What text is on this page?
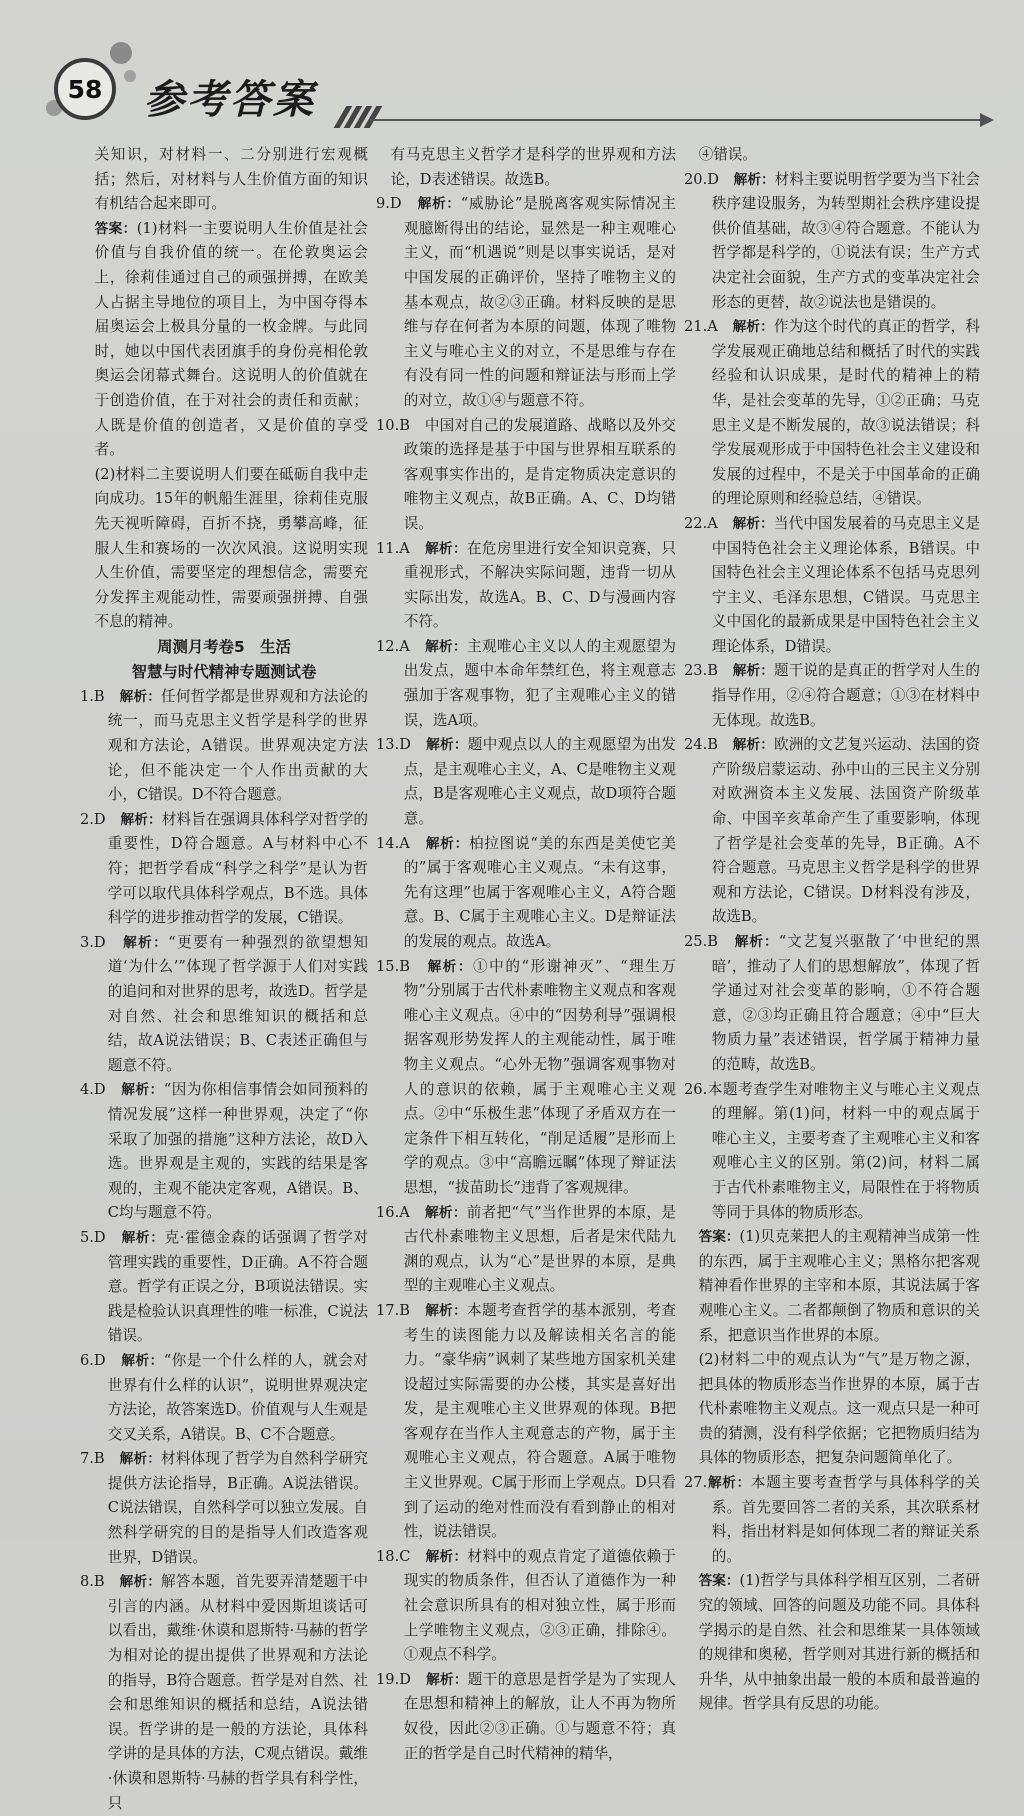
58	参考答案

关知识，对材料一、二分别进行宏观概括；然后，对材料与人生价值方面的知识有机结合起来即可。

答案：(1)材料一主要说明人生价值是社会价值与自我价值的统一。在伦敦奥运会上，徐莉佳通过自己的顽强拼搏，在欧美人占据主导地位的项目上，为中国夺得本届奥运会上极具分量的一枚金牌。与此同时，她以中国代表团旗手的身份亮相伦敦奥运会闭幕式舞台。这说明人的价值就在于创造价值，在于对社会的责任和贡献；人既是价值的创造者，又是价值的享受者。

(2)材料二主要说明人们要在砥砺自我中走向成功。15年的帆船生涯里，徐莉佳克服先天视听障碍，百折不挠，勇攀高峰，征服人生和赛场的一次次风浪。这说明实现人生价值，需要坚定的理想信念，需要充分发挥主观能动性，需要顽强拼搏、自强不息的精神。

周测月考卷5　生活

智慧与时代精神专题测试卷

1.B　解析：任何哲学都是世界观和方法论的统一，而马克思主义哲学是科学的世界观和方法论，A错误。世界观决定方法论，但不能决定一个人作出贡献的大小，C错误。D不符合题意。

2.D　解析：材料旨在强调具体科学对哲学的重要性，D符合题意。A与材料中心不符；把哲学看成“科学之科学”是认为哲学可以取代具体科学观点，B不选。具体科学的进步推动哲学的发展，C错误。

3.D　解析：“更要有一种强烈的欲望想知道‘为什么’”体现了哲学源于人们对实践的追问和对世界的思考，故选D。哲学是对自然、社会和思维知识的概括和总结，故A说法错误；B、C表述正确但与题意不符。

4.D　解析：“因为你相信事情会如同预料的情况发展”这样一种世界观，决定了“你采取了加强的措施”这种方法论，故D入选。世界观是主观的，实践的结果是客观的，主观不能决定客观，A错误。B、C均与题意不符。

5.D　解析：克·霍德金森的话强调了哲学对管理实践的重要性，D正确。A不符合题意。哲学有正误之分，B项说法错误。实践是检验认识真理性的唯一标准，C说法错误。

6.D　解析：“你是一个什么样的人，就会对世界有什么样的认识”，说明世界观决定方法论，故答案选D。价值观与人生观是交叉关系，A错误。B、C不合题意。

7.B　解析：材料体现了哲学为自然科学研究提供方法论指导，B正确。A说法错误。C说法错误，自然科学可以独立发展。自然科学研究的目的是指导人们改造客观世界，D错误。

8.B　解析：解答本题，首先要弄清楚题干中引言的内涵。从材料中爱因斯坦谈话可以看出，戴维·休谟和恩斯特·马赫的哲学为相对论的提出提供了世界观和方法论的指导，B符合题意。哲学是对自然、社会和思维知识的概括和总结，A说法错误。哲学讲的是一般的方法论，具体科学讲的是具体的方法，C观点错误。戴维·休谟和恩斯特·马赫的哲学具有科学性，只

有马克思主义哲学才是科学的世界观和方法论，D表述错误。故选B。

9.D　解析：“威胁论”是脱离客观实际情况主观臆断得出的结论，显然是一种主观唯心主义，而“机遇说”则是以事实说话，是对中国发展的正确评价，坚持了唯物主义的基本观点，故②③正确。材料反映的是思维与存在何者为本原的问题，体现了唯物主义与唯心主义的对立，不是思维与存在有没有同一性的问题和辩证法与形而上学的对立，故①④与题意不符。

10.B　中国对自己的发展道路、战略以及外交政策的选择是基于中国与世界相互联系的客观事实作出的，是肯定物质决定意识的唯物主义观点，故B正确。A、C、D均错误。

11.A　解析：在危房里进行安全知识竞赛，只重视形式，不解决实际问题，违背一切从实际出发，故选A。B、C、D与漫画内容不符。

12.A　解析：主观唯心主义以人的主观愿望为出发点，题中本命年禁红色，将主观意志强加于客观事物，犯了主观唯心主义的错误，选A项。

13.D　解析：题中观点以人的主观愿望为出发点，是主观唯心主义，A、C是唯物主义观点，B是客观唯心主义观点，故D项符合题意。

14.A　解析：柏拉图说“美的东西是美使它美的”属于客观唯心主义观点。“未有这事，先有这理”也属于客观唯心主义，A符合题意。B、C属于主观唯心主义。D是辩证法的发展的观点。故选A。

15.B　解析：①中的“形谢神灭”、“理生万物”分别属于古代朴素唯物主义观点和客观唯心主义观点。④中的“因势利导”强调根据客观形势发挥人的主观能动性，属于唯物主义观点。“心外无物”强调客观事物对人的意识的依赖，属于主观唯心主义观点。②中“乐极生悲”体现了矛盾双方在一定条件下相互转化，“削足适履”是形而上学的观点。③中“高瞻远瞩”体现了辩证法思想，“拔苗助长”违背了客观规律。

16.A　解析：前者把“气”当作世界的本原，是古代朴素唯物主义思想，后者是宋代陆九渊的观点，认为“心”是世界的本原，是典型的主观唯心主义观点。

17.B　解析：本题考查哲学的基本派别，考查考生的读图能力以及解读相关名言的能力。“豪华病”讽刺了某些地方国家机关建设超过实际需要的办公楼，其实是喜好出发，是主观唯心主义世界观的体现。B把客观存在当作人主观意志的产物，属于主观唯心主义观点，符合题意。A属于唯物主义世界观。C属于形而上学观点。D只看到了运动的绝对性而没有看到静止的相对性，说法错误。

18.C　解析：材料中的观点肯定了道德依赖于现实的物质条件，但否认了道德作为一种社会意识所具有的相对独立性，属于形而上学唯物主义观点，②③正确，排除④。①观点不科学。

19.D　解析：题干的意思是哲学是为了实现人在思想和精神上的解放，让人不再为物所奴役，因此②③正确。①与题意不符；真正的哲学是自己时代精神的精华，

④错误。

20.D　解析：材料主要说明哲学要为当下社会秩序建设服务，为转型期社会秩序建设提供价值基础，故③④符合题意。不能认为哲学都是科学的，①说法有误；生产方式决定社会面貌，生产方式的变革决定社会形态的更替，故②说法也是错误的。

21.A　解析：作为这个时代的真正的哲学，科学发展观正确地总结和概括了时代的实践经验和认识成果，是时代的精神上的精华，是社会变革的先导，①②正确；马克思主义是不断发展的，故③说法错误；科学发展观形成于中国特色社会主义建设和发展的过程中，不是关于中国革命的正确的理论原则和经验总结，④错误。

22.A　解析：当代中国发展着的马克思主义是中国特色社会主义理论体系，B错误。中国特色社会主义理论体系不包括马克思列宁主义、毛泽东思想，C错误。马克思主义中国化的最新成果是中国特色社会主义理论体系，D错误。

23.B　解析：题干说的是真正的哲学对人生的指导作用，②④符合题意；①③在材料中无体现。故选B。

24.B　解析：欧洲的文艺复兴运动、法国的资产阶级启蒙运动、孙中山的三民主义分别对欧洲资本主义发展、法国资产阶级革命、中国辛亥革命产生了重要影响，体现了哲学是社会变革的先导，B正确。A不符合题意。马克思主义哲学是科学的世界观和方法论，C错误。D材料没有涉及，故选B。

25.B　解析：“文艺复兴驱散了‘中世纪的黑暗’，推动了人们的思想解放”，体现了哲学通过对社会变革的影响，①不符合题意，②③均正确且符合题意；④中“巨大物质力量”表述错误，哲学属于精神力量的范畴，故选B。

26.本题考查学生对唯物主义与唯心主义观点的理解。第(1)问，材料一中的观点属于唯心主义，主要考查了主观唯心主义和客观唯心主义的区别。第(2)问，材料二属于古代朴素唯物主义，局限性在于将物质等同于具体的物质形态。

答案：(1)贝克莱把人的主观精神当成第一性的东西，属于主观唯心主义；黑格尔把客观精神看作世界的主宰和本原，其说法属于客观唯心主义。二者都颠倒了物质和意识的关系，把意识当作世界的本原。

(2)材料二中的观点认为“气”是万物之源，把具体的物质形态当作世界的本原，属于古代朴素唯物主义观点。这一观点只是一种可贵的猜测，没有科学依据；它把物质归结为具体的物质形态，把复杂问题简单化了。

27.解析：本题主要考查哲学与具体科学的关系。首先要回答二者的关系，其次联系材料，指出材料是如何体现二者的辩证关系的。

答案：(1)哲学与具体科学相互区别，二者研究的领域、回答的问题及功能不同。具体科学揭示的是自然、社会和思维某一具体领域的规律和奥秘，哲学则对其进行新的概括和升华，从中抽象出最一般的本质和最普遍的规律。哲学具有反思的功能。
